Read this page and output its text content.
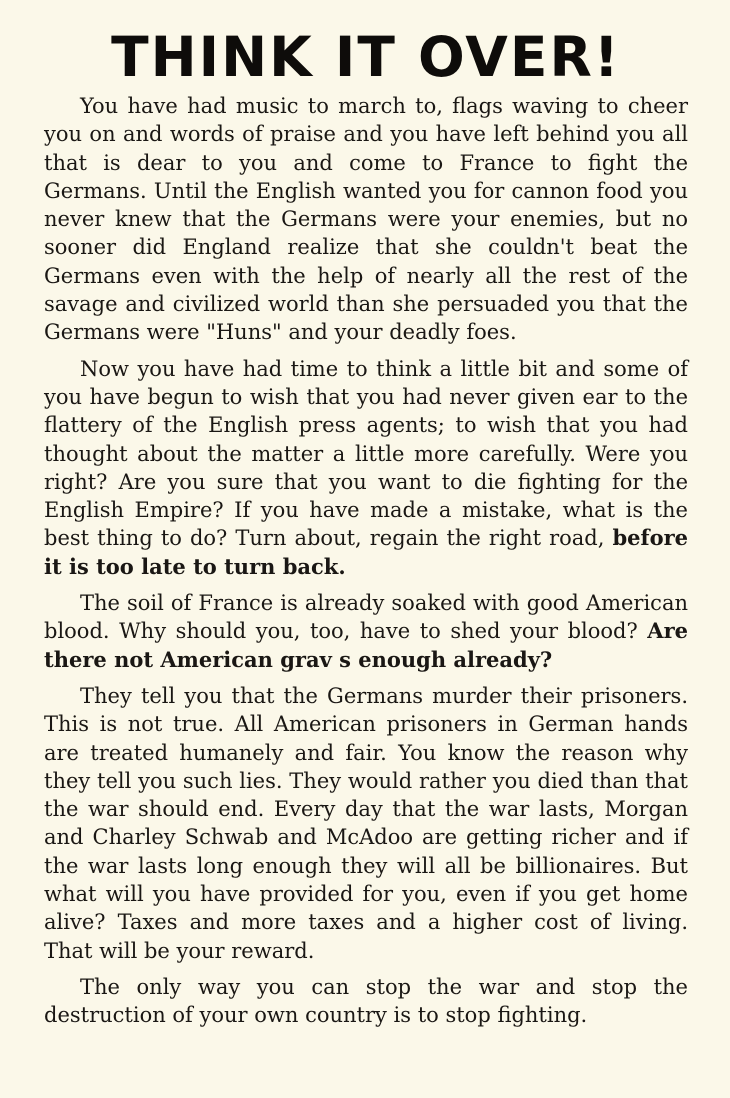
THINK IT OVER!

You have had music to march to, flags waving to cheer you on and words of praise and you have left behind you all that is dear to you and come to France to fight the Germans. Until the English wanted you for cannon food you never knew that the Germans were your enemies, but no sooner did England realize that she couldn't beat the Germans even with the help of nearly all the rest of the savage and civilized world than she persuaded you that the Germans were "Huns" and your deadly foes.

Now you have had time to think a little bit and some of you have begun to wish that you had never given ear to the flattery of the English press agents; to wish that you had thought about the matter a little more carefully. Were you right? Are you sure that you want to die fighting for the English Empire? If you have made a mistake, what is the best thing to do? Turn about, regain the right road, before it is too late to turn back.

The soil of France is already soaked with good American blood. Why should you, too, have to shed your blood? Are there not American grav s enough already?

They tell you that the Germans murder their prisoners. This is not true. All American prisoners in German hands are treated humanely and fair. You know the reason why they tell you such lies. They would rather you died than that the war should end. Every day that the war lasts, Morgan and Charley Schwab and McAdoo are getting richer and if the war lasts long enough they will all be billionaires. But what will you have provided for you, even if you get home alive? Taxes and more taxes and a higher cost of living. That will be your reward.

The only way you can stop the war and stop the destruction of your own country is to stop fighting.
